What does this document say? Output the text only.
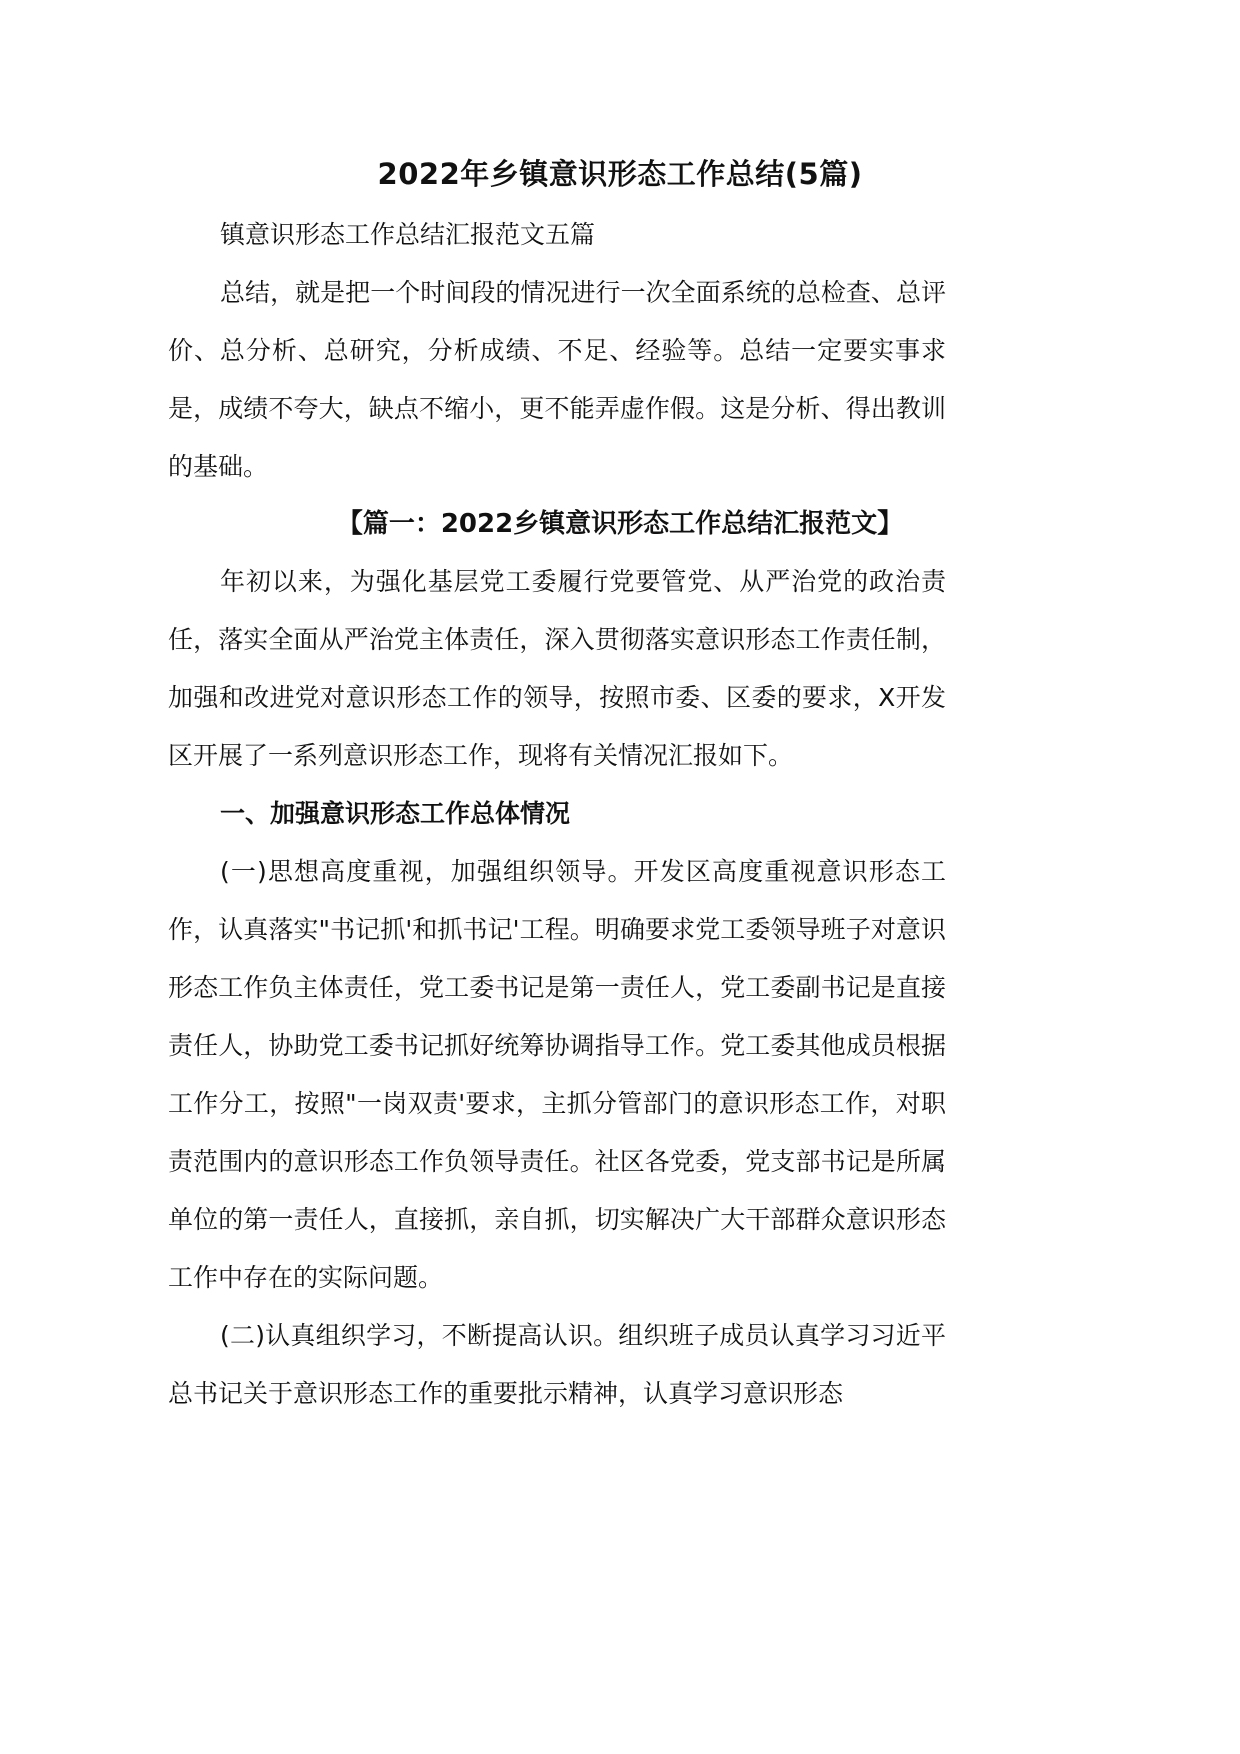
2022年乡镇意识形态工作总结(5篇)
镇意识形态工作总结汇报范文五篇
总结，就是把一个时间段的情况进行一次全面系统的总检查、总评价、总分析、总研究，分析成绩、不足、经验等。总结一定要实事求是，成绩不夸大，缺点不缩小，更不能弄虚作假。这是分析、得出教训的基础。
【篇一：2022乡镇意识形态工作总结汇报范文】
年初以来，为强化基层党工委履行党要管党、从严治党的政治责任，落实全面从严治党主体责任，深入贯彻落实意识形态工作责任制，加强和改进党对意识形态工作的领导，按照市委、区委的要求，X开发区开展了一系列意识形态工作，现将有关情况汇报如下。
一、加强意识形态工作总体情况
(一)思想高度重视，加强组织领导。开发区高度重视意识形态工作，认真落实"书记抓'和抓书记'工程。明确要求党工委领导班子对意识形态工作负主体责任，党工委书记是第一责任人，党工委副书记是直接责任人，协助党工委书记抓好统筹协调指导工作。党工委其他成员根据工作分工，按照"一岗双责'要求，主抓分管部门的意识形态工作，对职责范围内的意识形态工作负领导责任。社区各党委，党支部书记是所属单位的第一责任人，直接抓，亲自抓，切实解决广大干部群众意识形态工作中存在的实际问题。
(二)认真组织学习，不断提高认识。组织班子成员认真学习习近平总书记关于意识形态工作的重要批示精神，认真学习意识形态
